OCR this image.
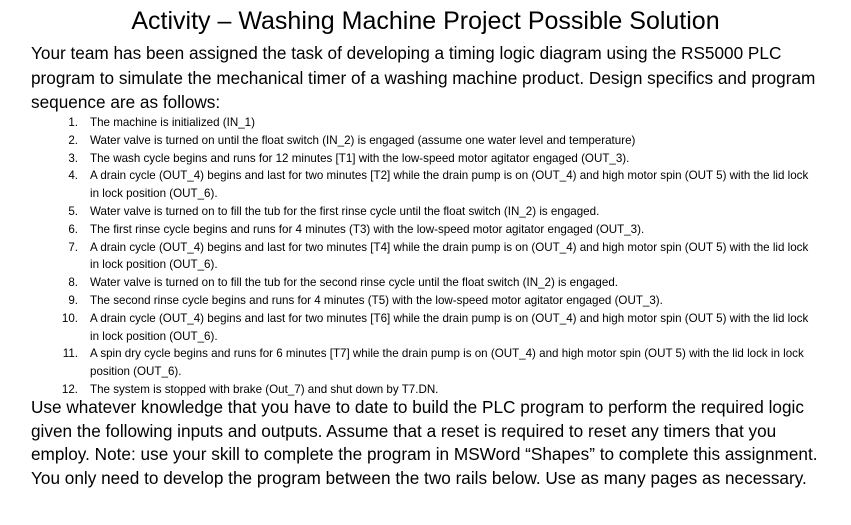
Activity – Washing Machine Project Possible Solution
Your team has been assigned the task of developing a timing logic diagram using the RS5000 PLC program to simulate the mechanical timer of a washing machine product. Design specifics and program sequence are as follows:
1. The machine is initialized (IN_1)
2. Water valve is turned on until the float switch (IN_2) is engaged (assume one water level and temperature)
3. The wash cycle begins and runs for 12 minutes [T1] with the low-speed motor agitator engaged (OUT_3).
4. A drain cycle (OUT_4) begins and last for two minutes [T2] while the drain pump is on (OUT_4) and high motor spin (OUT 5) with the lid lock in lock position (OUT_6).
5. Water valve is turned on to fill the tub for the first rinse cycle until the float switch (IN_2) is engaged.
6. The first rinse cycle begins and runs for 4 minutes (T3) with the low-speed motor agitator engaged (OUT_3).
7. A drain cycle (OUT_4) begins and last for two minutes [T4] while the drain pump is on (OUT_4) and high motor spin (OUT 5) with the lid lock in lock position (OUT_6).
8. Water valve is turned on to fill the tub for the second rinse cycle until the float switch (IN_2) is engaged.
9. The second rinse cycle begins and runs for 4 minutes (T5) with the low-speed motor agitator engaged (OUT_3).
10. A drain cycle (OUT_4) begins and last for two minutes [T6] while the drain pump is on (OUT_4) and high motor spin (OUT 5) with the lid lock in lock position (OUT_6).
11. A spin dry cycle begins and runs for 6 minutes [T7] while the drain pump is on (OUT_4) and high motor spin (OUT 5) with the lid lock in lock position (OUT_6).
12. The system is stopped with brake (Out_7) and shut down by T7.DN.
Use whatever knowledge that you have to date to build the PLC program to perform the required logic given the following inputs and outputs. Assume that a reset is required to reset any timers that you employ. Note: use your skill to complete the program in MSWord “Shapes” to complete this assignment. You only need to develop the program between the two rails below. Use as many pages as necessary.
